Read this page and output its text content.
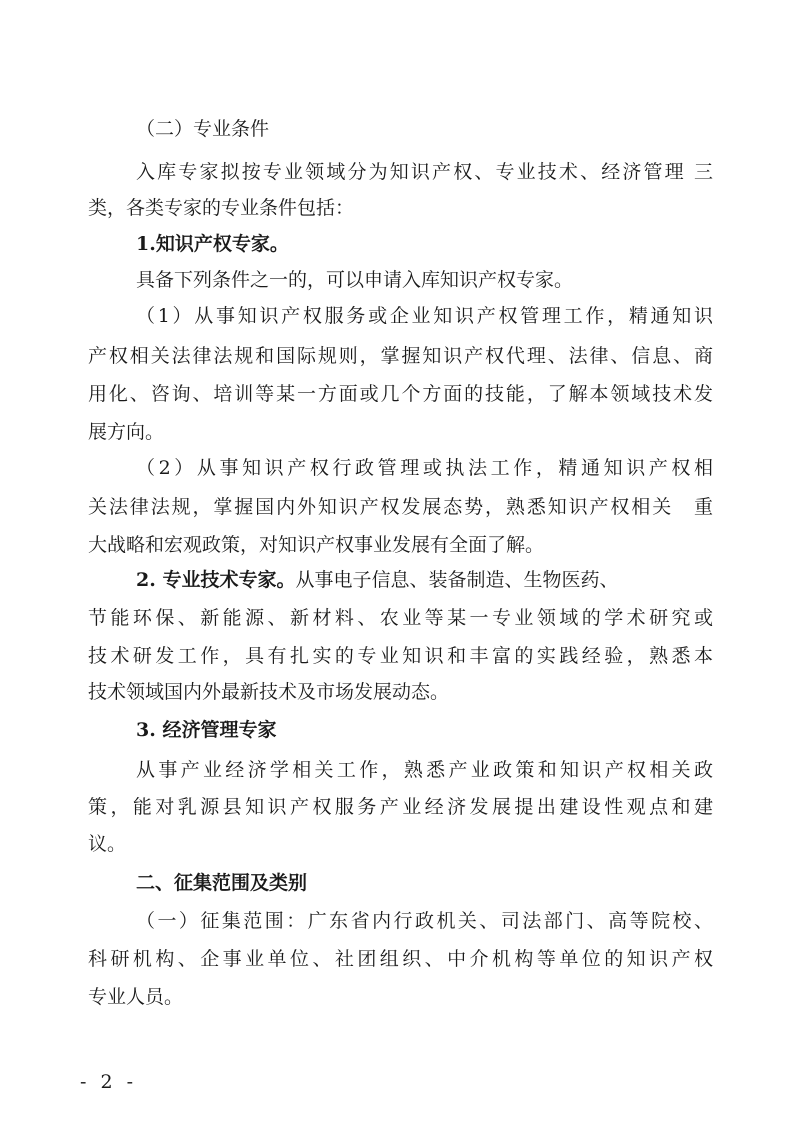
（二）专业条件
入库专家拟按专业领域分为知识产权、专业技术、经济管理 三
类，各类专家的专业条件包括：
1.知识产权专家。
具备下列条件之一的，可以申请入库知识产权专家。
（1）从事知识产权服务或企业知识产权管理工作，精通知识
产权相关法律法规和国际规则，掌握知识产权代理、法律、信息、商
用化、咨询、培训等某一方面或几个方面的技能，了解本领域技术发
展方向。
（2）从事知识产权行政管理或执法工作，精通知识产权相
关法律法规，掌握国内外知识产权发展态势，熟悉知识产权相关　重
大战略和宏观政策，对知识产权事业发展有全面了解。
2. 专业技术专家。从事电子信息、装备制造、生物医药、
节能环保、新能源、新材料、农业等某一专业领域的学术研究或
技术研发工作，具有扎实的专业知识和丰富的实践经验，熟悉本
技术领域国内外最新技术及市场发展动态。
3. 经济管理专家
从事产业经济学相关工作，熟悉产业政策和知识产权相关政
策，能对乳源县知识产权服务产业经济发展提出建设性观点和建
议。
二、征集范围及类别
（一）征集范围：广东省内行政机关、司法部门、高等院校、
科研机构、企事业单位、社团组织、中介机构等单位的知识产权
专业人员。
- 2 -
